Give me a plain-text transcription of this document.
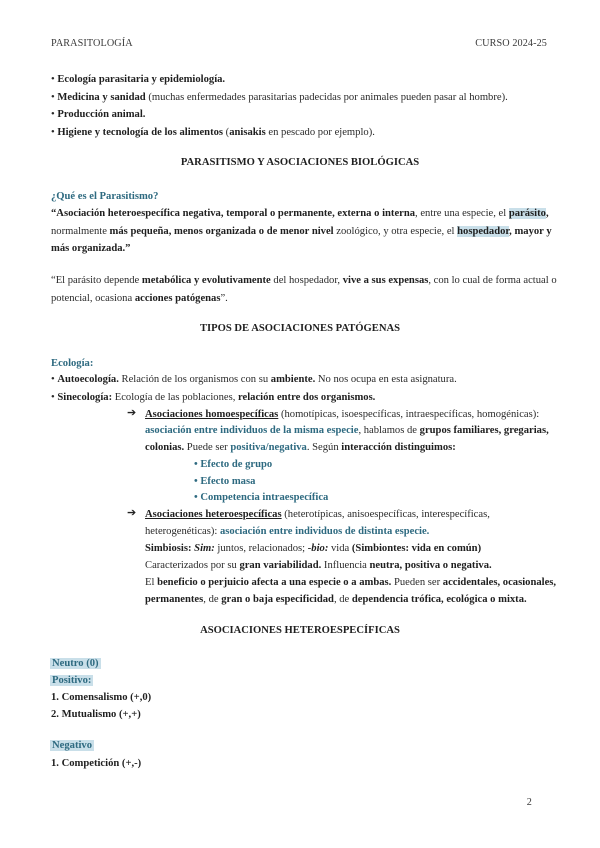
PARASITOLOGÍA	CURSO 2024-25
• Ecología parasitaria y epidemiología.
• Medicina y sanidad (muchas enfermedades parasitarias padecidas por animales pueden pasar al hombre).
• Producción animal.
• Higiene y tecnología de los alimentos (anisakis en pescado por ejemplo).
PARASITISMO Y ASOCIACIONES BIOLÓGICAS
¿Qué es el Parasitismo?
“Asociación heteroespecífica negativa, temporal o permanente, externa o interna, entre una especie, el parásito,
normalmente más pequeña, menos organizada o de menor nivel zoológico, y otra especie, el hospedador, mayor y
más organizada.”
“El parásito depende metabólica y evolutivamente del hospedador, vive a sus expensas, con lo cual de forma actual o
potencial, ocasiona acciones patógenas”.
TIPOS DE ASOCIACIONES PATÓGENAS
Ecología:
• Autoecología. Relación de los organismos con su ambiente. No nos ocupa en esta asignatura.
• Sinecología: Ecología de las poblaciones, relación entre dos organismos.
➔ Asociaciones homoespecíficas (homotípicas, isoespecíficas, intraespecíficas, homogénicas):
asociación entre individuos de la misma especie, hablamos de grupos familiares, gregarias,
colonias. Puede ser positiva/negativa. Según interacción distinguimos:
• Efecto de grupo
• Efecto masa
• Competencia intraespecífica
➔ Asociaciones heteroespecíficas (heterotípicas, anisoespecíficas, interespecíficas,
heterogenéticas): asociación entre individuos de distinta especie.
Simbiosis: Sim: juntos, relacionados; -bio: vida (Simbiontes: vida en común)
Caracterizados por su gran variabilidad. Influencia neutra, positiva o negativa.
El beneficio o perjuicio afecta a una especie o a ambas. Pueden ser accidentales, ocasionales,
permanentes, de gran o baja especificidad, de dependencia trófica, ecológica o mixta.
ASOCIACIONES HETEROESPECÍFICAS
Neutro (0)
Positivo:
1. Comensalismo (+,0)
2. Mutualismo (+,+)
Negativo
1. Competición (+,-)
2
